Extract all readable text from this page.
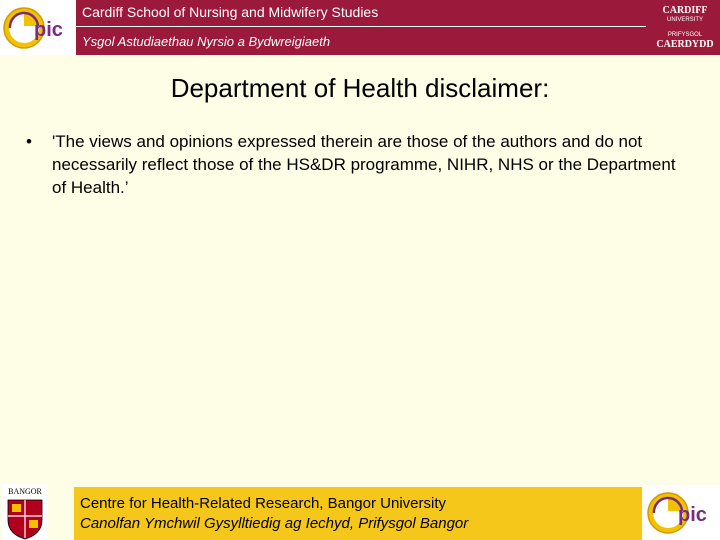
pic
Cardiff School of Nursing and Midwifery Studies
Ysgol Astudiaethau Nyrsio a Bydwreigiaeth
CARDIFF
UNIVERSITY
PRIFYSGOL
CAERDYDD
Department of Health disclaimer:
• 'The views and opinions expressed therein are those of the authors and do not necessarily reflect those of the HS&DR programme, NIHR, NHS or the Department of Health.’
BANGOR
Centre for Health-Related Research, Bangor University
Canolfan Ymchwil Gysylltiedig ag Iechyd, Prifysgol Bangor	pic
